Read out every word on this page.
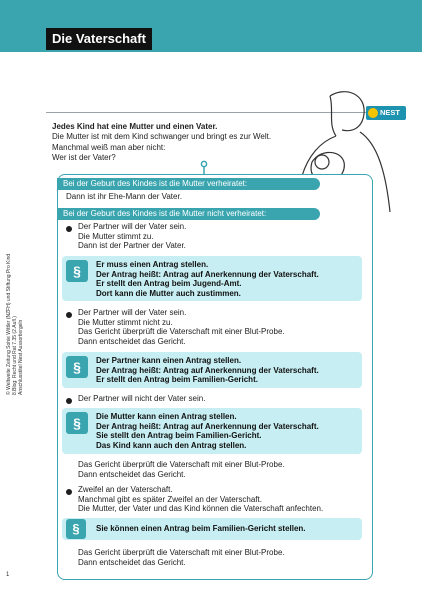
Die Vaterschaft
NEST
Jedes Kind hat eine Mutter und einen Vater.
Die Mutter ist mit dem Kind schwanger und bringt es zur Welt.
Manchmal weiß man aber nicht:
Wer ist der Vater?
Bei der Geburt des Kindes ist die Mutter verheiratet:
Dann ist ihr Ehe-Mann der Vater.
Bei der Geburt des Kindes ist die Mutter nicht verheiratet:
Der Partner will der Vater sein.
Die Mutter stimmt zu.
Dann ist der Partner der Vater.
§	Er muss einen Antrag stellen.
Der Antrag heißt: Antrag auf Anerkennung der Vaterschaft.
Er stellt den Antrag beim Jugend-Amt.
Dort kann die Mutter auch zustimmen.
Der Partner will der Vater sein.
Die Mutter stimmt nicht zu.
Das Gericht überprüft die Vaterschaft mit einer Blut-Probe.
Dann entscheidet das Gericht.
§	Der Partner kann einen Antrag stellen.
Der Antrag heißt: Antrag auf Anerkennung der Vaterschaft.
Er stellt den Antrag beim Familien-Gericht.
Der Partner will nicht der Vater sein.
§	Die Mutter kann einen Antrag stellen.
Der Antrag heißt: Antrag auf Anerkennung der Vaterschaft.
Sie stellt den Antrag beim Familien-Gericht.
Das Kind kann auch den Antrag stellen.
Das Gericht überprüft die Vaterschaft mit einer Blut-Probe.
Dann entscheidet das Gericht.
Zweifel an der Vaterschaft.
Manchmal gibt es später Zweifel an der Vaterschaft.
Die Mutter, der Vater und das Kind können die Vaterschaft anfechten.
§	Sie können einen Antrag beim Familien-Gericht stellen.
Das Gericht überprüft die Vaterschaft mit einer Blut-Probe.
Dann entscheidet das Gericht.
© Weltweite Zeitung Sohie Wittler (NZFH) und Stiftung Pro Kind 8.Blog: Recht und Rat 7.35 (2.Aufl.) Anschlusstitel Nest Aussortiergeln
1
